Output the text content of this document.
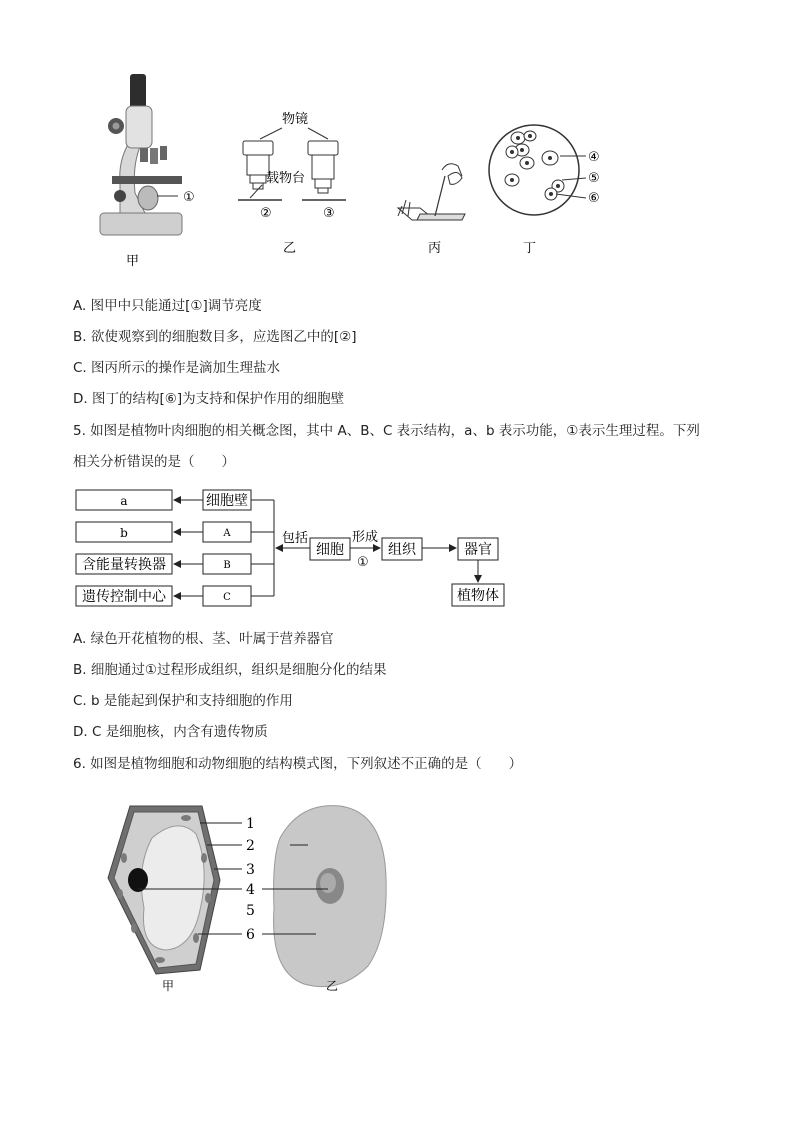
①
甲
物镜
载物台
②	③
乙	丙
④
⑤
⑥
丁
A. 图甲中只能通过[①]调节亮度
B. 欲使观察到的细胞数目多，应选图乙中的[②]
C. 图丙所示的操作是滴加生理盐水
D. 图丁的结构[⑥]为支持和保护作用的细胞壁
5. 如图是植物叶肉细胞的相关概念图，其中 A、B、C 表示结构，a、b 表示功能，①表示生理过程。下列
相关分析错误的是（　　）
a
b
含能量转换器
遗传控制中心
细胞壁
A
B
C
包括
细胞
形成
①
组织	器官
植物体
A. 绿色开花植物的根、茎、叶属于营养器官
B. 细胞通过①过程形成组织，组织是细胞分化的结果
C. b 是能起到保护和支持细胞的作用
D. C 是细胞核，内含有遗传物质
6. 如图是植物细胞和动物细胞的结构模式图，下列叙述不正确的是（　　）
1
2
3
4
5
6
甲	乙
